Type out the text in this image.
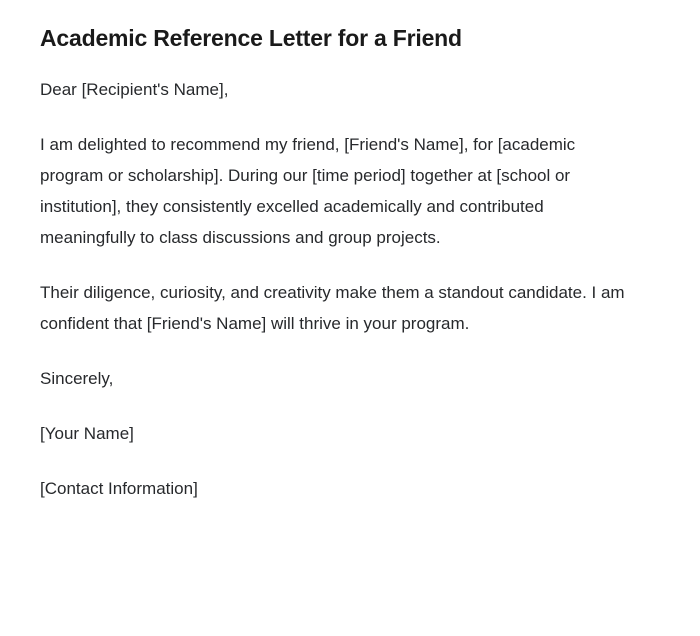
Academic Reference Letter for a Friend

Dear [Recipient's Name],

I am delighted to recommend my friend, [Friend's Name], for [academic program or scholarship]. During our [time period] together at [school or institution], they consistently excelled academically and contributed meaningfully to class discussions and group projects.

Their diligence, curiosity, and creativity make them a standout candidate. I am confident that [Friend's Name] will thrive in your program.

Sincerely,

[Your Name]

[Contact Information]
